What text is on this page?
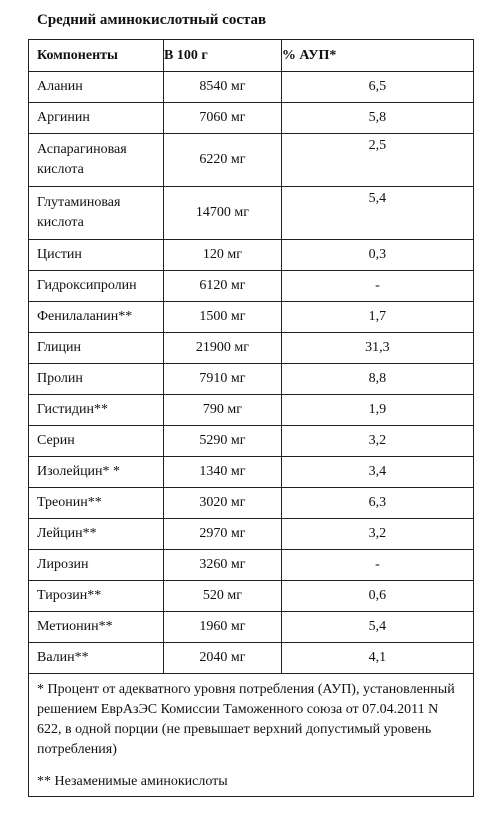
Средний аминокислотный состав
Компоненты	В 100 г	% АУП*
Аланин	8540 мг	6,5
Аргинин	7060 мг	5,8
Аспарагиновая кислота	6220 мг	2,5
Глутаминовая кислота	14700 мг	5,4
Цистин	120 мг	0,3
Гидроксипролин	6120 мг	-
Фенилаланин**	1500 мг	1,7
Глицин	21900 мг	31,3
Пролин	7910 мг	8,8
Гистидин**	790 мг	1,9
Серин	5290 мг	3,2
Изолейцин* *	1340 мг	3,4
Треонин**	3020 мг	6,3
Лейцин**	2970 мг	3,2
Лирозин	3260 мг	-
Тирозин**	520 мг	0,6
Метионин**	1960 мг	5,4
Валин**	2040 мг	4,1

* Процент от адекватного уровня потребления (АУП), установленный решением ЕврАзЭС Комиссии Таможенного союза от 07.04.2011 N 622, в одной порции (не превышает верхний допустимый уровень потребления)

** Незаменимые аминокислоты
